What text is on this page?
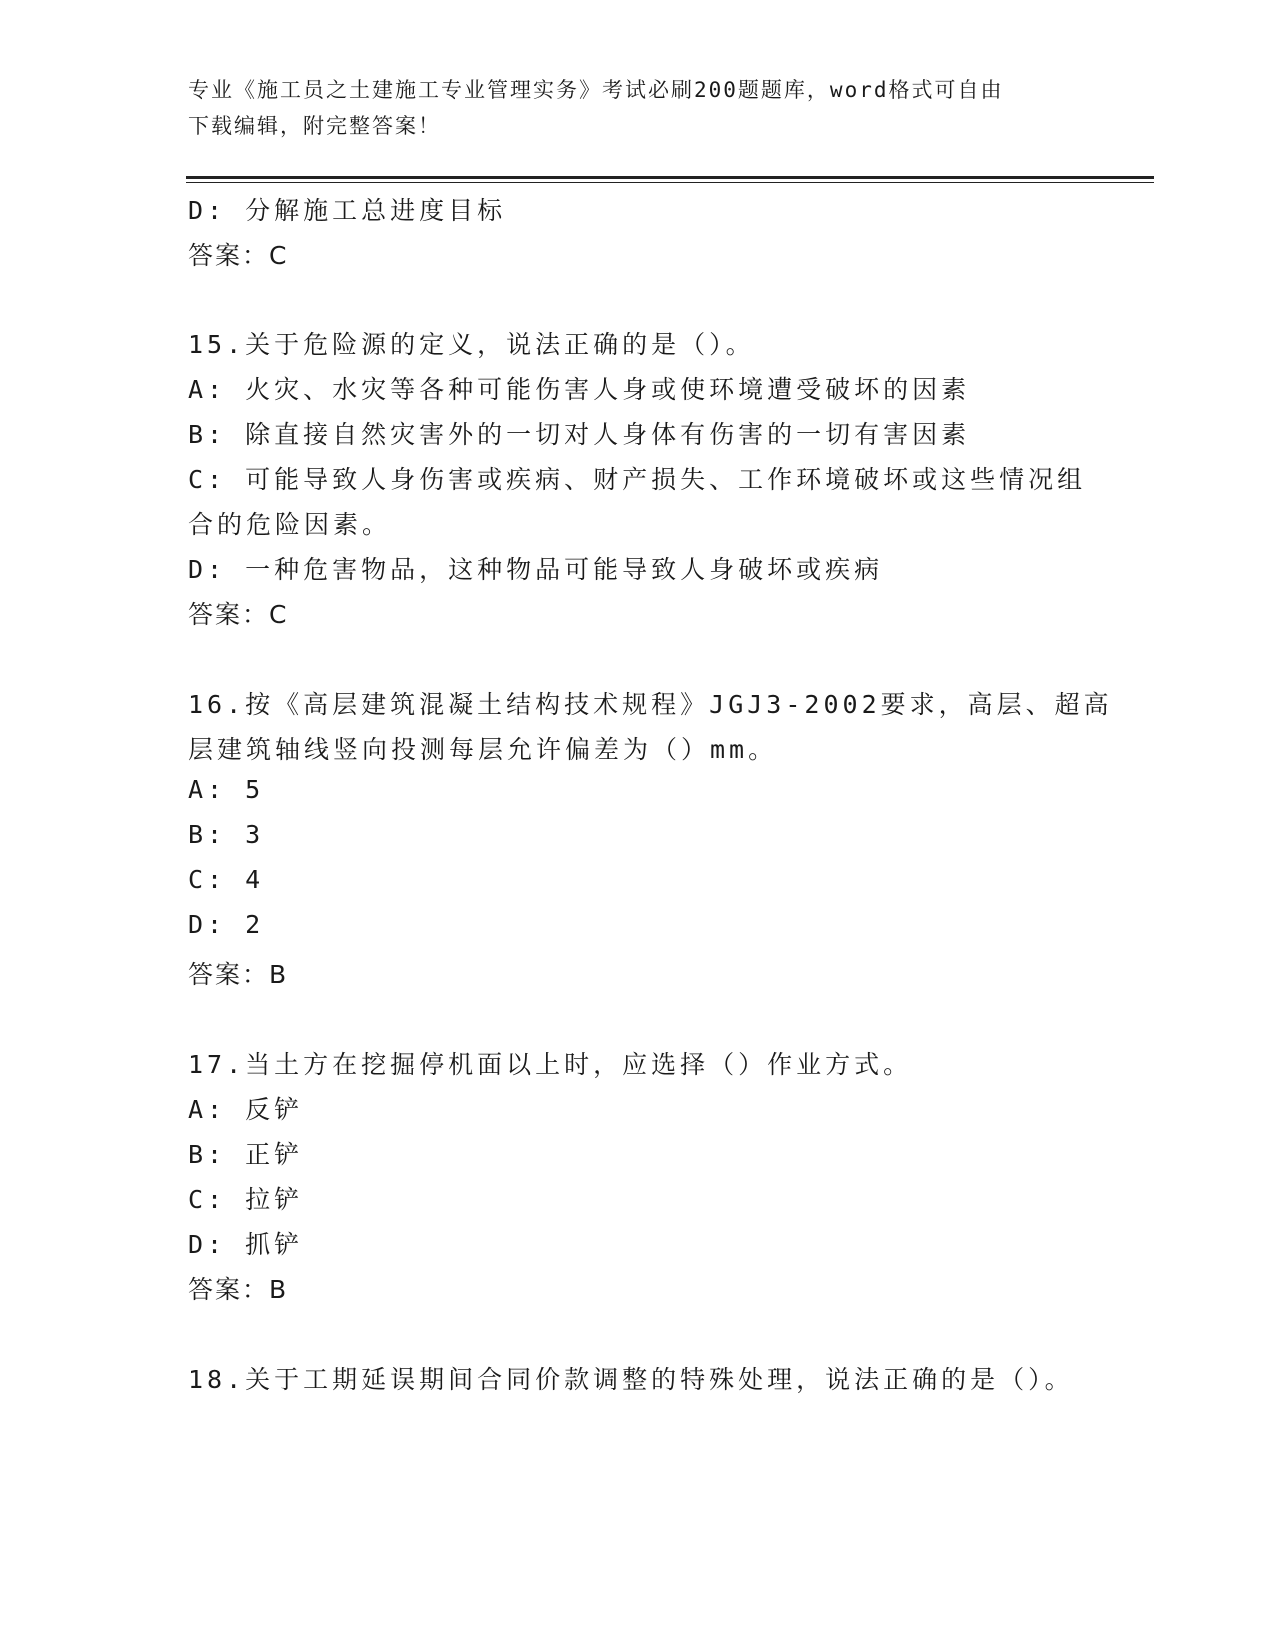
专业《施工员之土建施工专业管理实务》考试必刷200题题库，word格式可自由
下载编辑，附完整答案！
D: 分解施工总进度目标
答案：C
15.关于危险源的定义，说法正确的是（）。
A: 火灾、水灾等各种可能伤害人身或使环境遭受破坏的因素
B: 除直接自然灾害外的一切对人身体有伤害的一切有害因素
C: 可能导致人身伤害或疾病、财产损失、工作环境破坏或这些情况组
合的危险因素。
D: 一种危害物品，这种物品可能导致人身破坏或疾病
答案：C
16.按《高层建筑混凝土结构技术规程》JGJ3-2002要求，高层、超高
层建筑轴线竖向投测每层允许偏差为（）mm。
A: 5
B: 3
C: 4
D: 2
答案：B
17.当土方在挖掘停机面以上时，应选择（）作业方式。
A: 反铲
B: 正铲
C: 拉铲
D: 抓铲
答案：B
18.关于工期延误期间合同价款调整的特殊处理，说法正确的是（）。
